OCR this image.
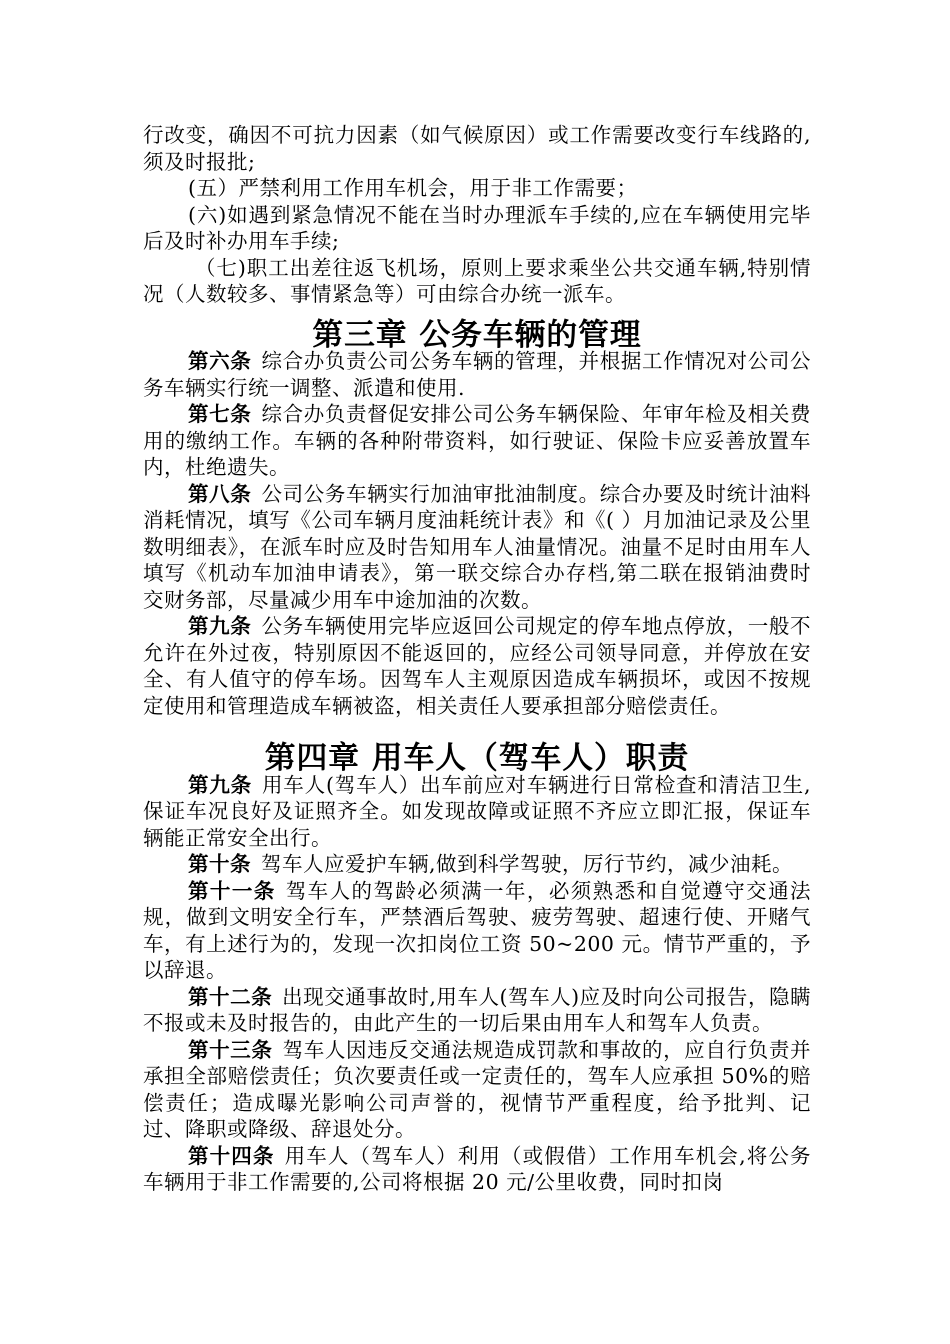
行改变，确因不可抗力因素（如气候原因）或工作需要改变行车线路的,须及时报批;

(五）严禁利用工作用车机会，用于非工作需要；

(六)如遇到紧急情况不能在当时办理派车手续的,应在车辆使用完毕后及时补办用车手续;

（七)职工出差往返飞机场，原则上要求乘坐公共交通车辆,特别情况（人数较多、事情紧急等）可由综合办统一派车。

第三章 公务车辆的管理

第六条 综合办负责公司公务车辆的管理，并根据工作情况对公司公务车辆实行统一调整、派遣和使用.

第七条 综合办负责督促安排公司公务车辆保险、年审年检及相关费用的缴纳工作。车辆的各种附带资料，如行驶证、保险卡应妥善放置车内，杜绝遗失。

第八条 公司公务车辆实行加油审批油制度。综合办要及时统计油料消耗情况，填写《公司车辆月度油耗统计表》和《( ）月加油记录及公里数明细表》，在派车时应及时告知用车人油量情况。油量不足时由用车人填写《机动车加油申请表》，第一联交综合办存档,第二联在报销油费时交财务部，尽量减少用车中途加油的次数。

第九条 公务车辆使用完毕应返回公司规定的停车地点停放，一般不允许在外过夜，特别原因不能返回的，应经公司领导同意，并停放在安全、有人值守的停车场。因驾车人主观原因造成车辆损坏，或因不按规定使用和管理造成车辆被盗，相关责任人要承担部分赔偿责任。

第四章 用车人（驾车人）职责

第九条 用车人(驾车人）出车前应对车辆进行日常检查和清洁卫生,保证车况良好及证照齐全。如发现故障或证照不齐应立即汇报，保证车辆能正常安全出行。

第十条 驾车人应爱护车辆,做到科学驾驶，厉行节约，减少油耗。

第十一条 驾车人的驾龄必须满一年，必须熟悉和自觉遵守交通法规，做到文明安全行车，严禁酒后驾驶、疲劳驾驶、超速行使、开赌气车，有上述行为的，发现一次扣岗位工资 50~200 元。情节严重的，予以辞退。

第十二条 出现交通事故时,用车人(驾车人)应及时向公司报告，隐瞒不报或未及时报告的，由此产生的一切后果由用车人和驾车人负责。

第十三条 驾车人因违反交通法规造成罚款和事故的，应自行负责并承担全部赔偿责任；负次要责任或一定责任的，驾车人应承担 50%的赔偿责任；造成曝光影响公司声誉的，视情节严重程度，给予批判、记过、降职或降级、辞退处分。

第十四条 用车人（驾车人）利用（或假借）工作用车机会,将公务车辆用于非工作需要的,公司将根据 20 元/公里收费，同时扣岗
